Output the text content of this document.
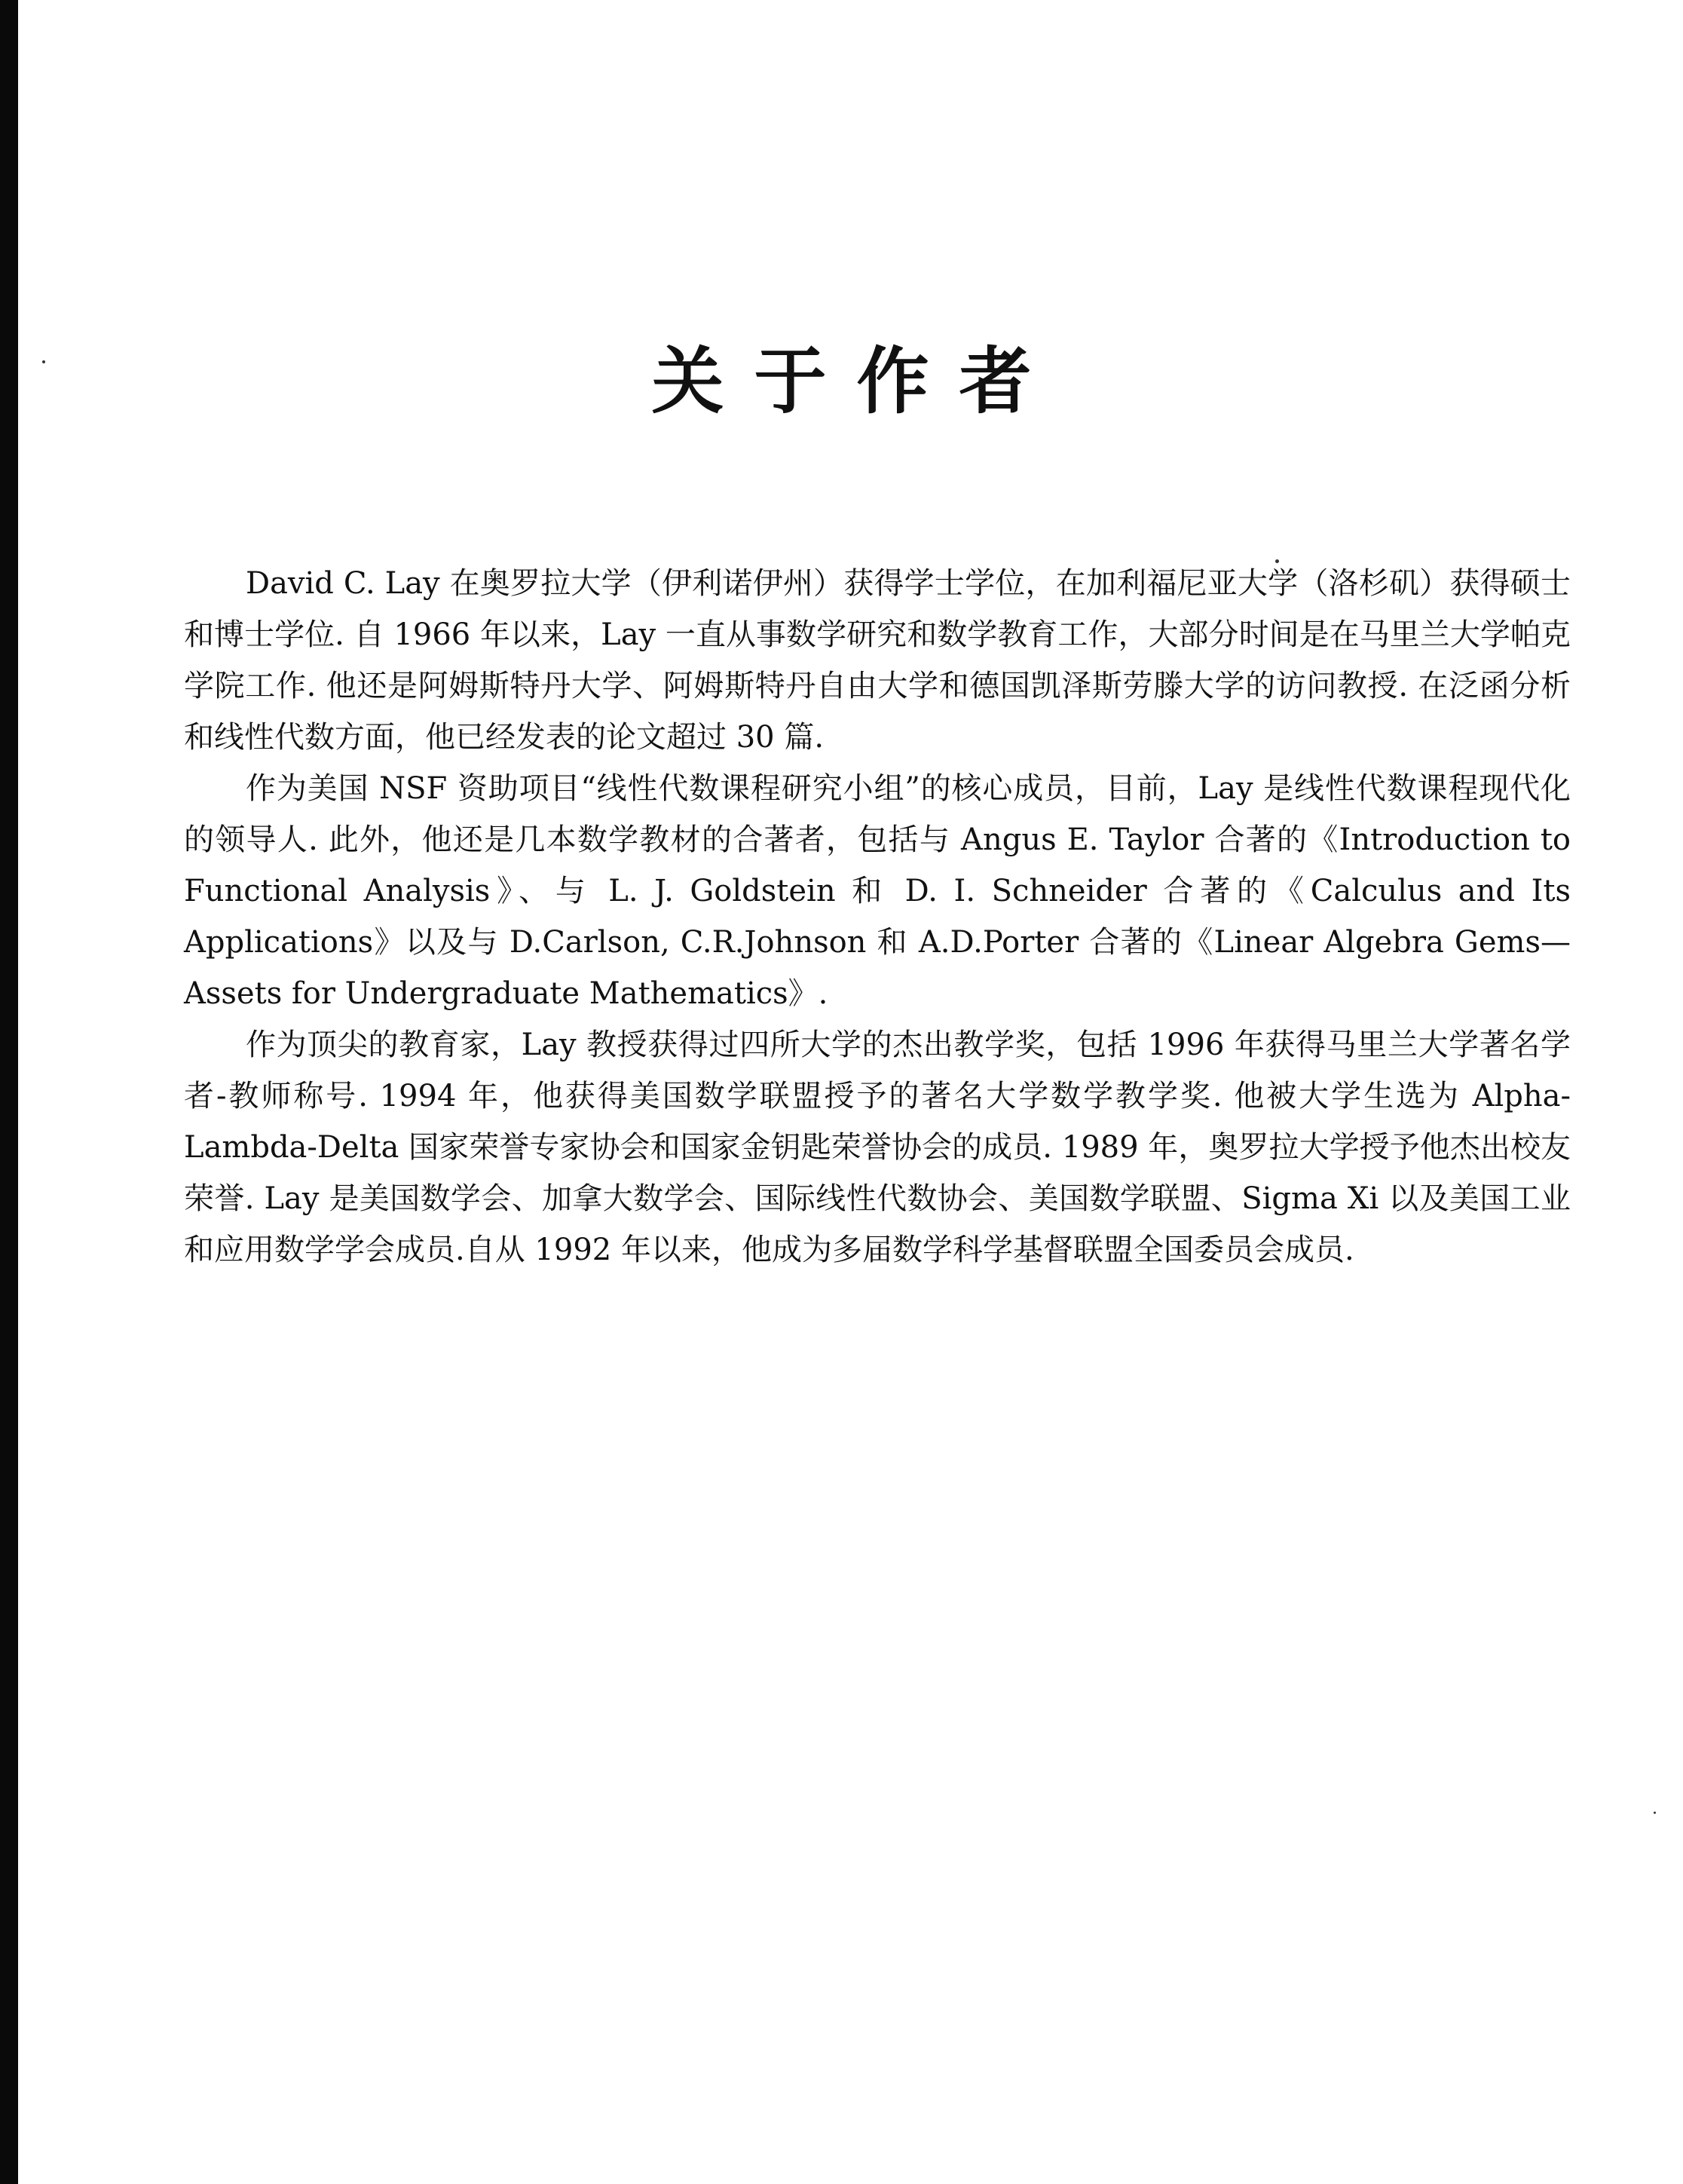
关于作者

David C. Lay 在奥罗拉大学（伊利诺伊州）获得学士学位，在加利福尼亚大学（洛杉矶）获得硕士和博士学位. 自 1966 年以来，Lay 一直从事数学研究和数学教育工作，大部分时间是在马里兰大学帕克学院工作. 他还是阿姆斯特丹大学、阿姆斯特丹自由大学和德国凯泽斯劳滕大学的访问教授. 在泛函分析和线性代数方面，他已经发表的论文超过 30 篇.

作为美国 NSF 资助项目“线性代数课程研究小组”的核心成员，目前，Lay 是线性代数课程现代化的领导人. 此外，他还是几本数学教材的合著者，包括与 Angus E. Taylor 合著的《Introduction to Functional Analysis》、与 L. J. Goldstein 和 D. I. Schneider 合著的《Calculus and Its Applications》以及与 D.Carlson, C.R.Johnson 和 A.D.Porter 合著的《Linear Algebra Gems—Assets for Undergraduate Mathematics》.

作为顶尖的教育家，Lay 教授获得过四所大学的杰出教学奖，包括 1996 年获得马里兰大学著名学者-教师称号. 1994 年，他获得美国数学联盟授予的著名大学数学教学奖. 他被大学生选为 Alpha-Lambda-Delta 国家荣誉专家协会和国家金钥匙荣誉协会的成员. 1989 年，奥罗拉大学授予他杰出校友荣誉. Lay 是美国数学会、加拿大数学会、国际线性代数协会、美国数学联盟、Sigma Xi 以及美国工业和应用数学学会成员.自从 1992 年以来，他成为多届数学科学基督联盟全国委员会成员.
